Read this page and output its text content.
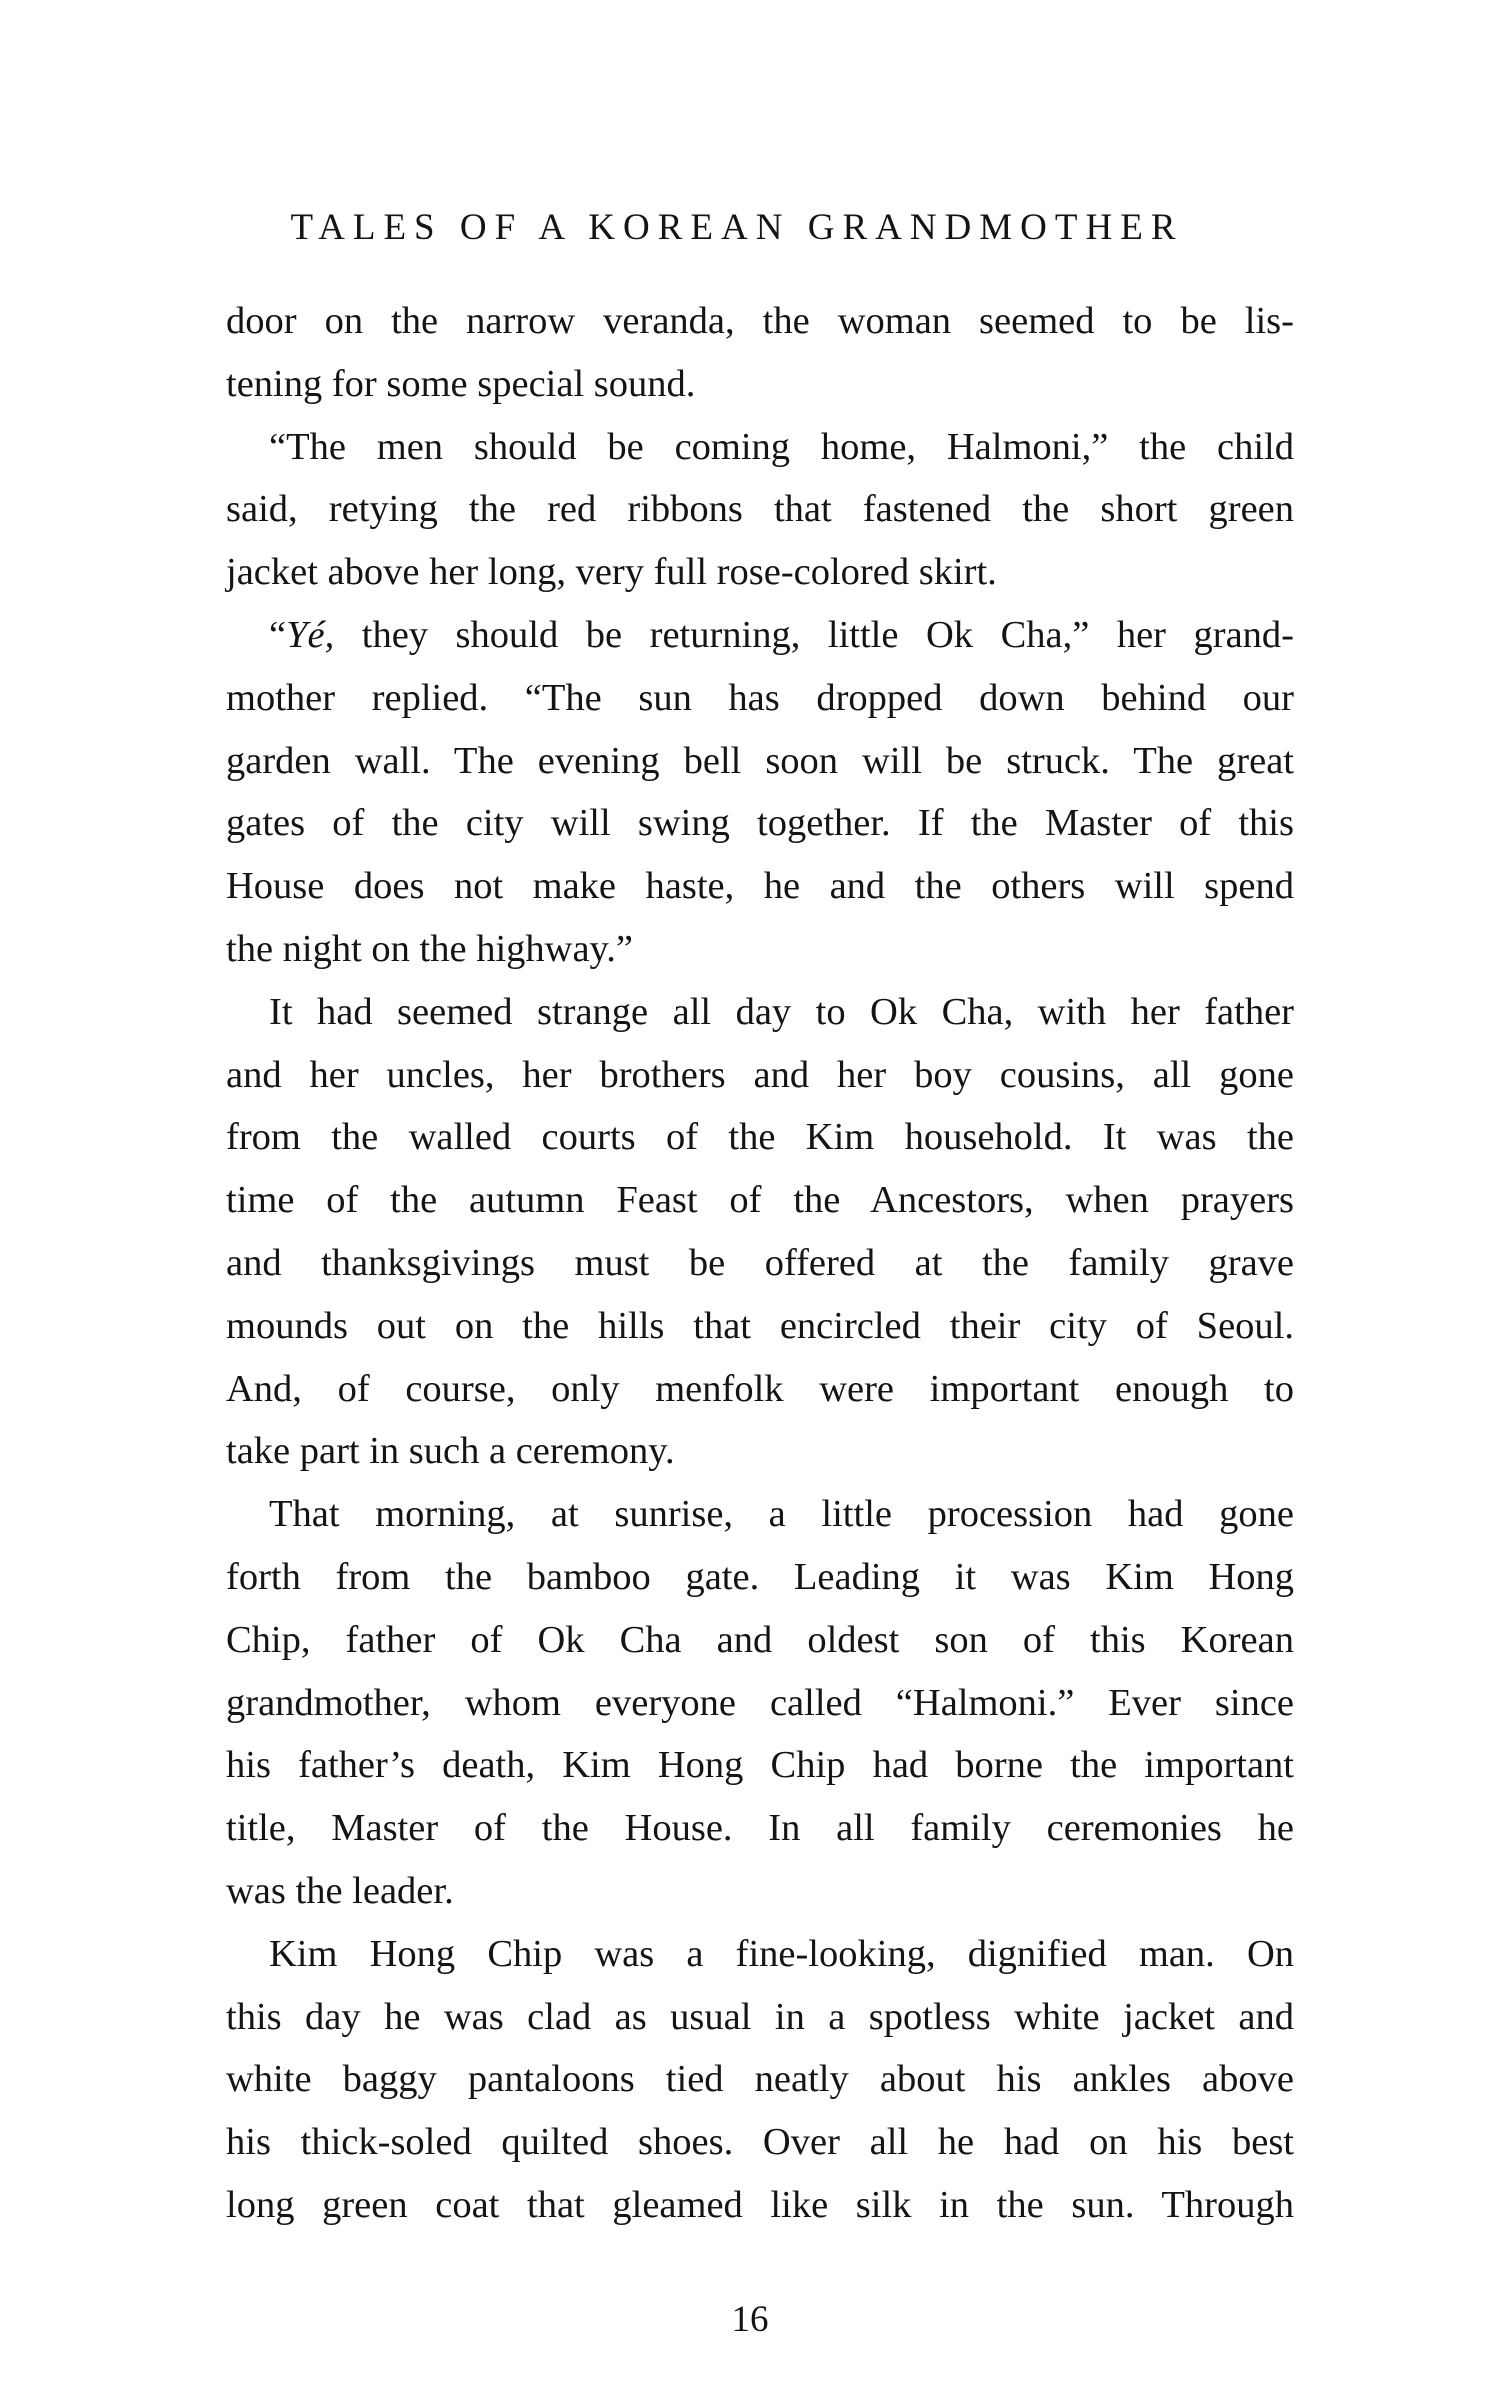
TALES OF A KOREAN GRANDMOTHER
door on the narrow veranda, the woman seemed to be lis-
tening for some special sound.
“The men should be coming home, Halmoni,” the child
said, retying the red ribbons that fastened the short green
jacket above her long, very full rose-colored skirt.
“Yé, they should be returning, little Ok Cha,” her grand-
mother replied. “The sun has dropped down behind our
garden wall. The evening bell soon will be struck. The great
gates of the city will swing together. If the Master of this
House does not make haste, he and the others will spend
the night on the highway.”
It had seemed strange all day to Ok Cha, with her father
and her uncles, her brothers and her boy cousins, all gone
from the walled courts of the Kim household. It was the
time of the autumn Feast of the Ancestors, when prayers
and thanksgivings must be offered at the family grave
mounds out on the hills that encircled their city of Seoul.
And, of course, only menfolk were important enough to
take part in such a ceremony.
That morning, at sunrise, a little procession had gone
forth from the bamboo gate. Leading it was Kim Hong
Chip, father of Ok Cha and oldest son of this Korean
grandmother, whom everyone called “Halmoni.” Ever since
his father’s death, Kim Hong Chip had borne the important
title, Master of the House. In all family ceremonies he
was the leader.
Kim Hong Chip was a fine-looking, dignified man. On
this day he was clad as usual in a spotless white jacket and
white baggy pantaloons tied neatly about his ankles above
his thick-soled quilted shoes. Over all he had on his best
long green coat that gleamed like silk in the sun. Through
16
